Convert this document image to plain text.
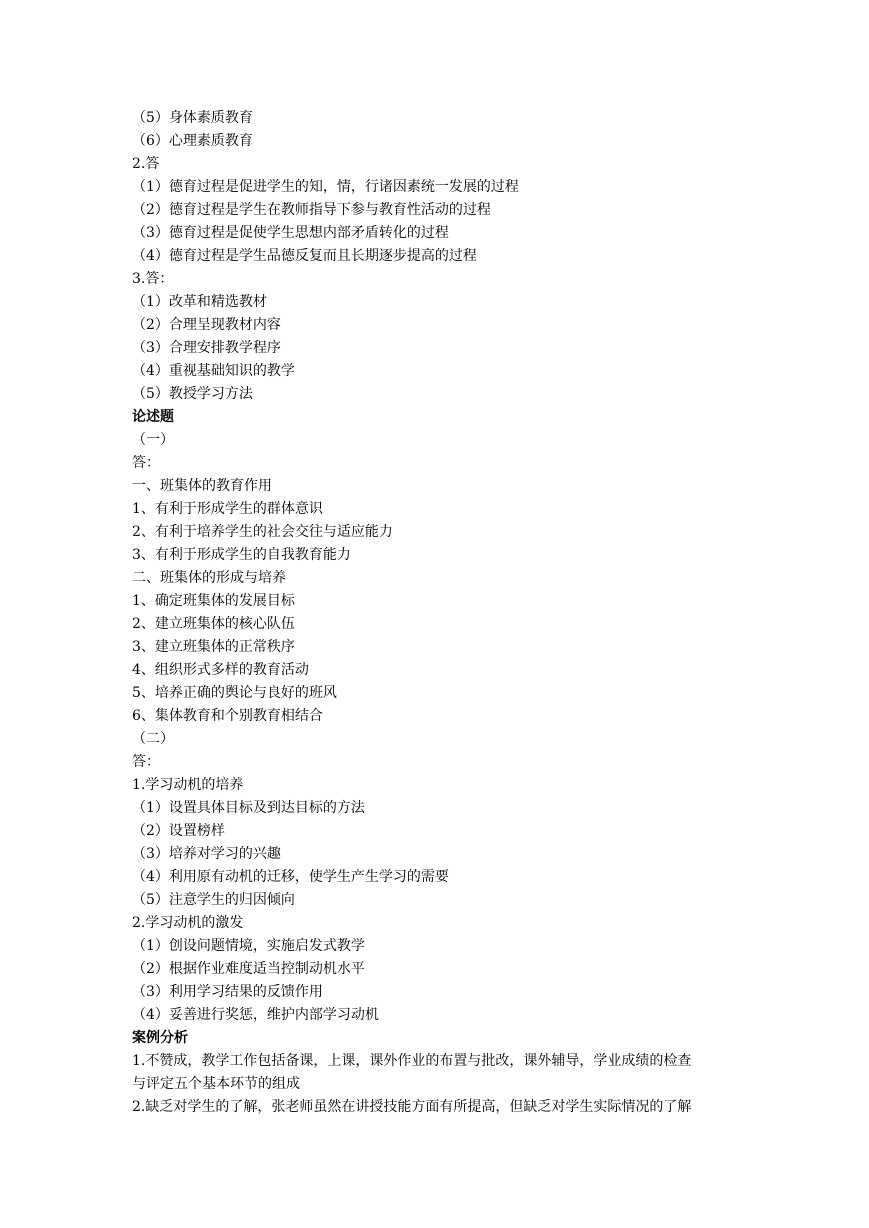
（5）身体素质教育
（6）心理素质教育
2.答
（1）德育过程是促进学生的知，情，行诸因素统一发展的过程
（2）德育过程是学生在教师指导下参与教育性活动的过程
（3）德育过程是促使学生思想内部矛盾转化的过程
（4）德育过程是学生品德反复而且长期逐步提高的过程
3.答：
（1）改革和精选教材
（2）合理呈现教材内容
（3）合理安排教学程序
（4）重视基础知识的教学
（5）教授学习方法
论述题
（一）
答：
一、班集体的教育作用
1、有利于形成学生的群体意识
2、有利于培养学生的社会交往与适应能力
3、有利于形成学生的自我教育能力
二、班集体的形成与培养
1、确定班集体的发展目标
2、建立班集体的核心队伍
3、建立班集体的正常秩序
4、组织形式多样的教育活动
5、培养正确的舆论与良好的班风
6、集体教育和个别教育相结合
（二）
答：
1.学习动机的培养
（1）设置具体目标及到达目标的方法
（2）设置榜样
（3）培养对学习的兴趣
（4）利用原有动机的迁移，使学生产生学习的需要
（5）注意学生的归因倾向
2.学习动机的激发
（1）创设问题情境，实施启发式教学
（2）根据作业难度适当控制动机水平
（3）利用学习结果的反馈作用
（4）妥善进行奖惩，维护内部学习动机
案例分析
1.不赞成，教学工作包括备课，上课，课外作业的布置与批改，课外辅导，学业成绩的检查
与评定五个基本环节的组成
2.缺乏对学生的了解，张老师虽然在讲授技能方面有所提高，但缺乏对学生实际情况的了解
